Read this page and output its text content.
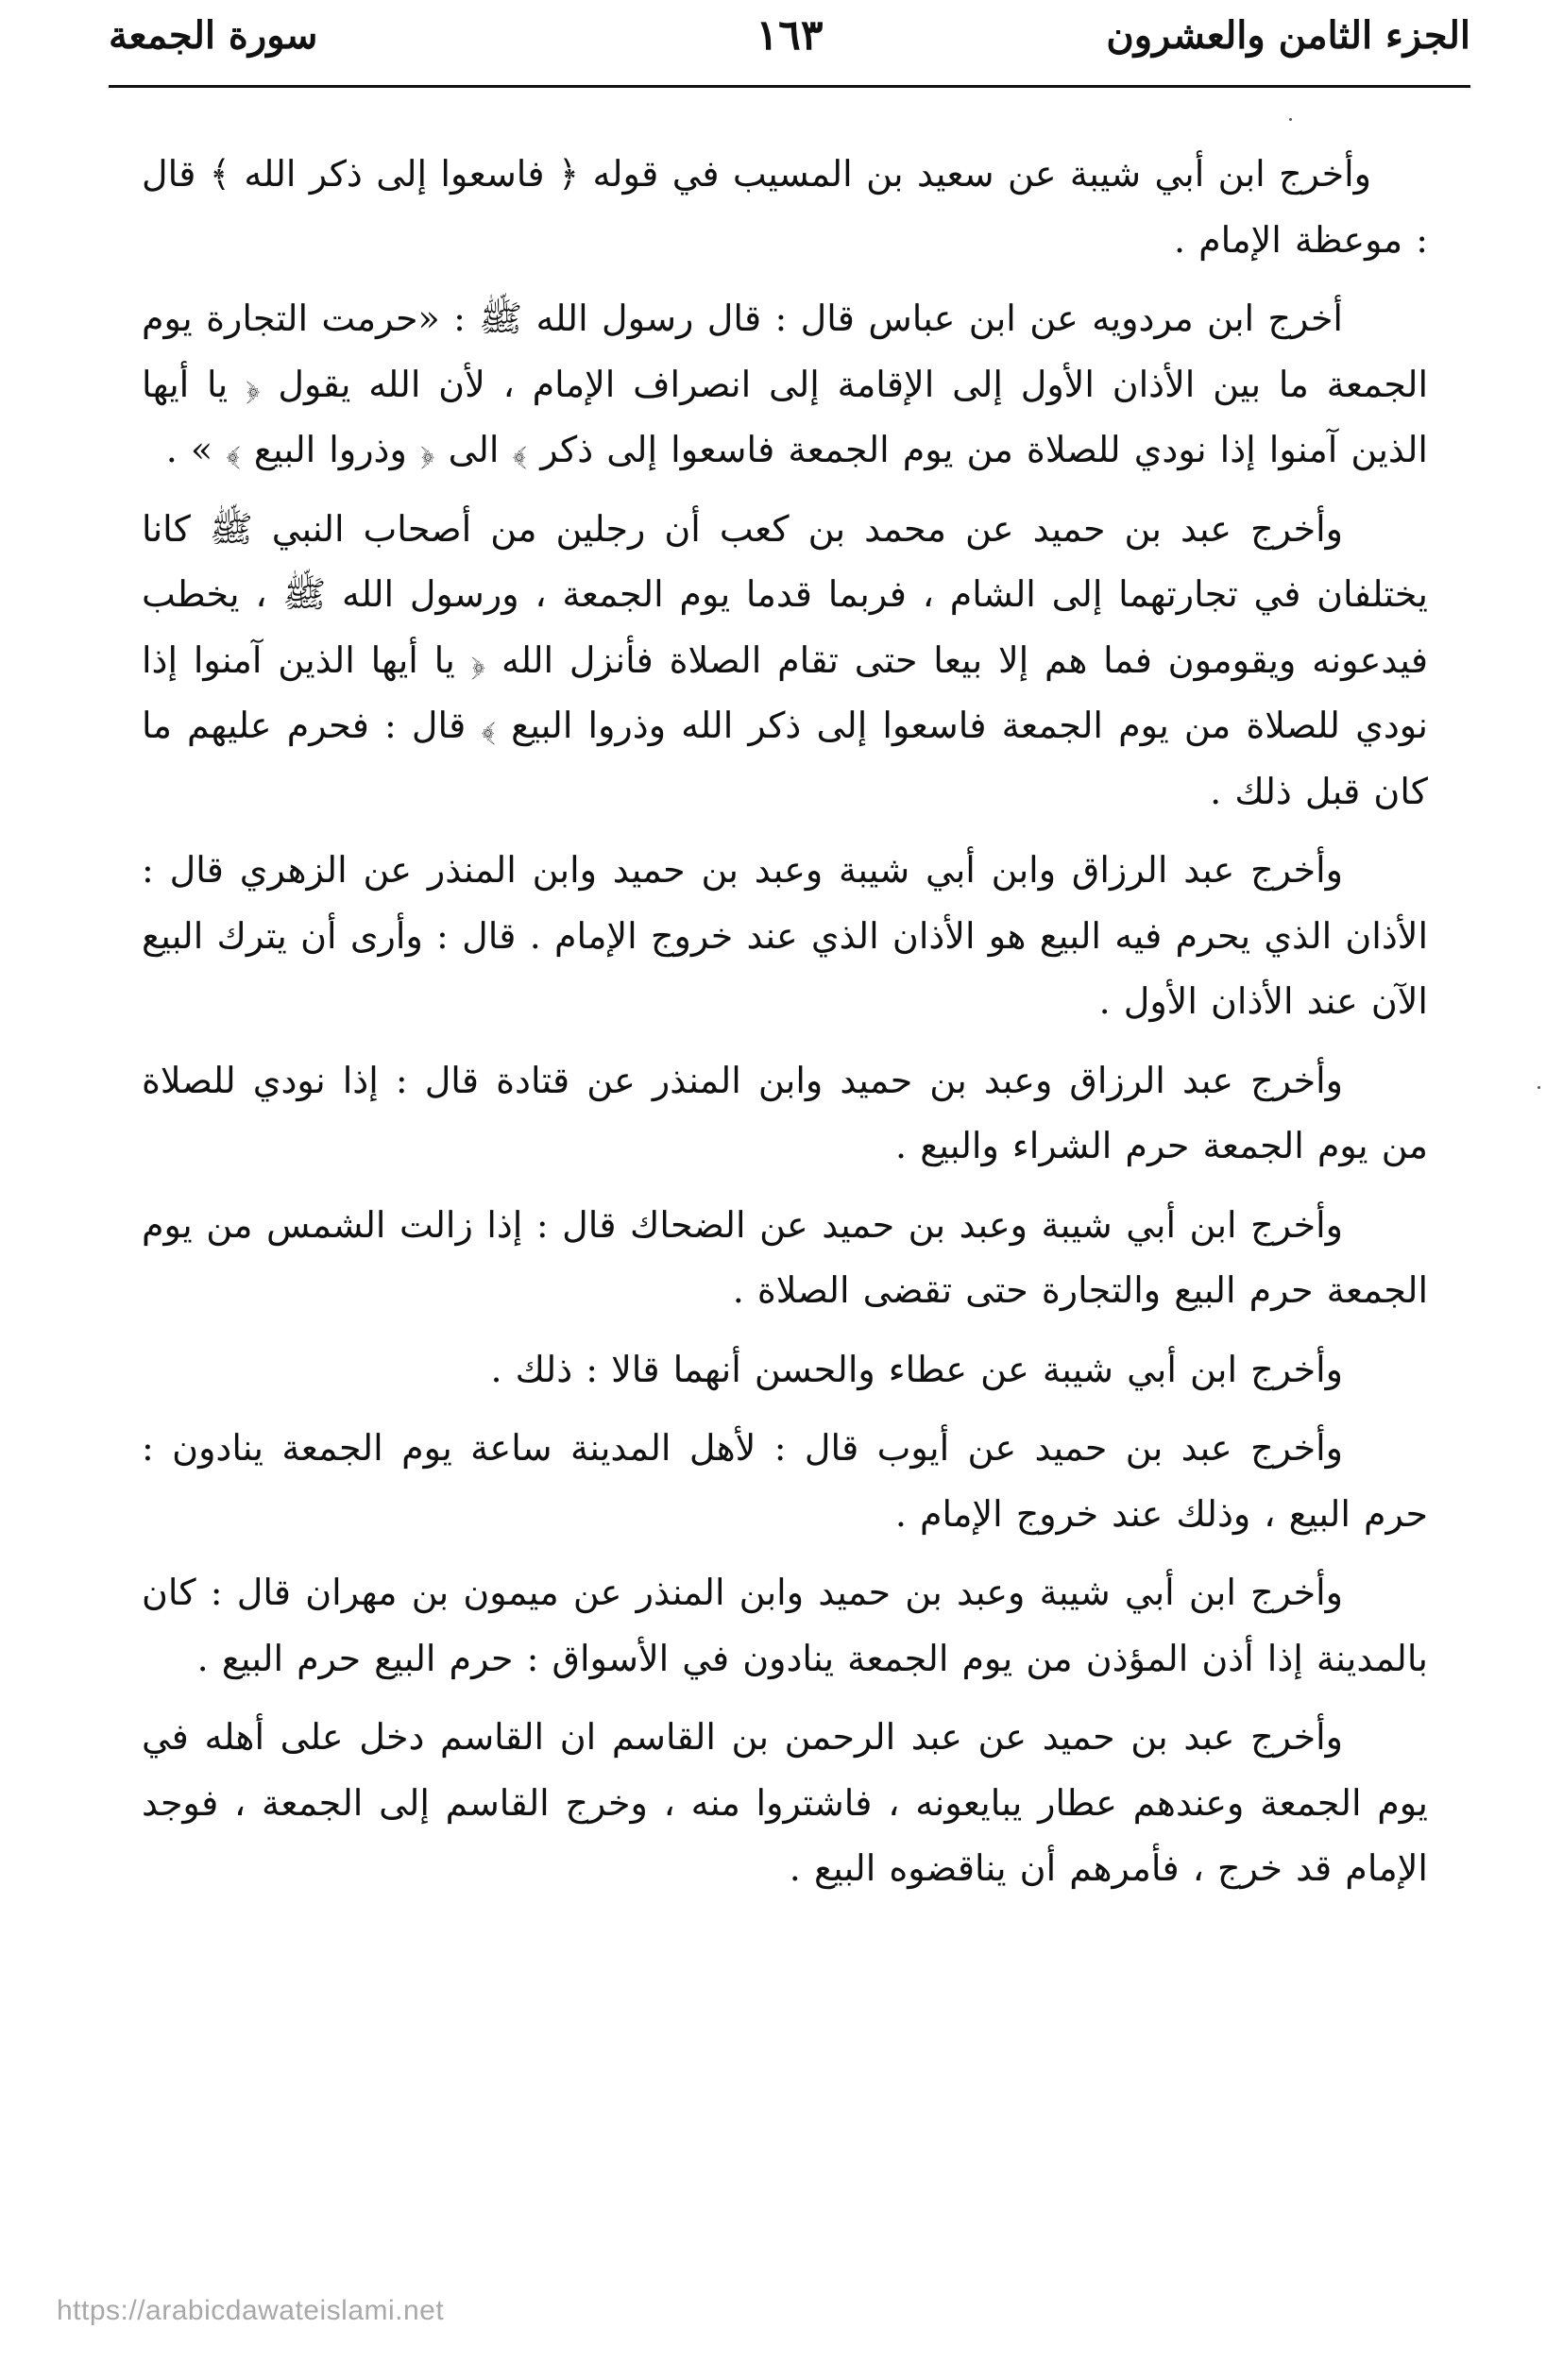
الجزء الثامن والعشرون
١٦٣
سورة الجمعة

وأخرج ابن أبي شيبة عن سعيد بن المسيب في قوله ﴿ فاسعوا إلى ذكر الله ﴾ قال : موعظة الإمام .

أخرج ابن مردويه عن ابن عباس قال : قال رسول الله ﷺ : «حرمت التجارة يوم الجمعة ما بين الأذان الأول إلى الإقامة إلى انصراف الإمام ، لأن الله يقول ﴿ يا أيها الذين آمنوا إذا نودي للصلاة من يوم الجمعة فاسعوا إلى ذكر ﴾ الى ﴿ وذروا البيع ﴾ » .

وأخرج عبد بن حميد عن محمد بن كعب أن رجلين من أصحاب النبي ﷺ كانا يختلفان في تجارتهما إلى الشام ، فربما قدما يوم الجمعة ، ورسول الله ﷺ ، يخطب فيدعونه ويقومون فما هم إلا بيعا حتى تقام الصلاة فأنزل الله ﴿ يا أيها الذين آمنوا إذا نودي للصلاة من يوم الجمعة فاسعوا إلى ذكر الله وذروا البيع ﴾ قال : فحرم عليهم ما كان قبل ذلك .

وأخرج عبد الرزاق وابن أبي شيبة وعبد بن حميد وابن المنذر عن الزهري قال : الأذان الذي يحرم فيه البيع هو الأذان الذي عند خروج الإمام . قال : وأرى أن يترك البيع الآن عند الأذان الأول .

وأخرج عبد الرزاق وعبد بن حميد وابن المنذر عن قتادة قال : إذا نودي للصلاة من يوم الجمعة حرم الشراء والبيع .

وأخرج ابن أبي شيبة وعبد بن حميد عن الضحاك قال : إذا زالت الشمس من يوم الجمعة حرم البيع والتجارة حتى تقضى الصلاة .

وأخرج ابن أبي شيبة عن عطاء والحسن أنهما قالا : ذلك .

وأخرج عبد بن حميد عن أيوب قال : لأهل المدينة ساعة يوم الجمعة ينادون : حرم البيع ، وذلك عند خروج الإمام .

وأخرج ابن أبي شيبة وعبد بن حميد وابن المنذر عن ميمون بن مهران قال : كان بالمدينة إذا أذن المؤذن من يوم الجمعة ينادون في الأسواق : حرم البيع حرم البيع .

وأخرج عبد بن حميد عن عبد الرحمن بن القاسم ان القاسم دخل على أهله في يوم الجمعة وعندهم عطار يبايعونه ، فاشتروا منه ، وخرج القاسم إلى الجمعة ، فوجد الإمام قد خرج ، فأمرهم أن يناقضوه البيع .

https://arabicdawateislami.net
